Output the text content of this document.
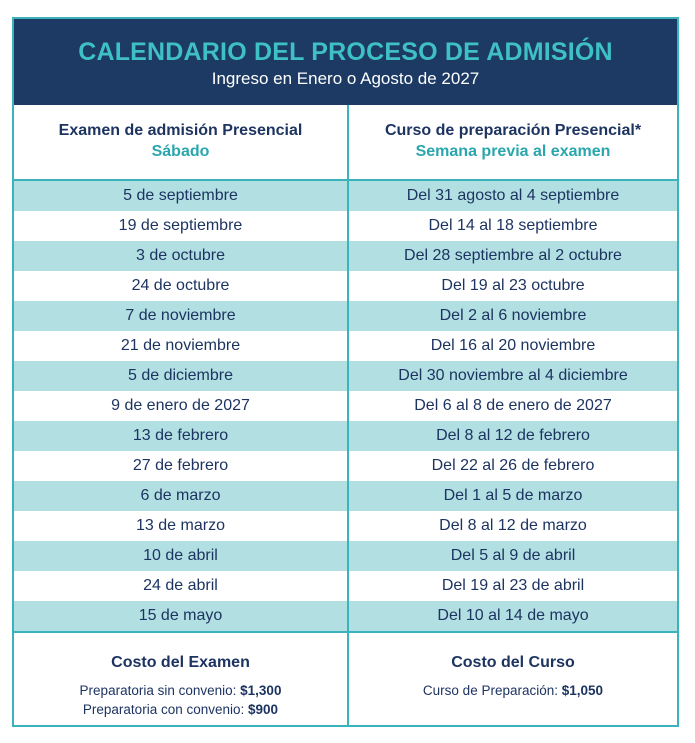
CALENDARIO DEL PROCESO DE ADMISIÓN
Ingreso en Enero o Agosto de 2027
Examen de admisión Presencial
Sábado
Curso de preparación Presencial*
Semana previa al examen
5 de septiembre	Del 31 agosto al 4 septiembre
19 de septiembre	Del 14 al 18 septiembre
3 de octubre	Del 28 septiembre al 2 octubre
24 de octubre	Del 19 al 23 octubre
7 de noviembre	Del 2 al 6 noviembre
21 de noviembre	Del 16 al 20 noviembre
5 de diciembre	Del 30 noviembre al 4 diciembre
9 de enero de 2027	Del 6 al 8 de enero de 2027
13 de febrero	Del 8 al 12 de febrero
27 de febrero	Del 22 al 26 de febrero
6 de marzo	Del 1 al 5 de marzo
13 de marzo	Del 8 al 12 de marzo
10 de abril	Del 5 al 9 de abril
24 de abril	Del 19 al 23 de abril
15 de mayo	Del 10 al 14 de mayo
Costo del Examen
Preparatoria sin convenio: $1,300
Preparatoria con convenio: $900
Costo del Curso
Curso de Preparación: $1,050
